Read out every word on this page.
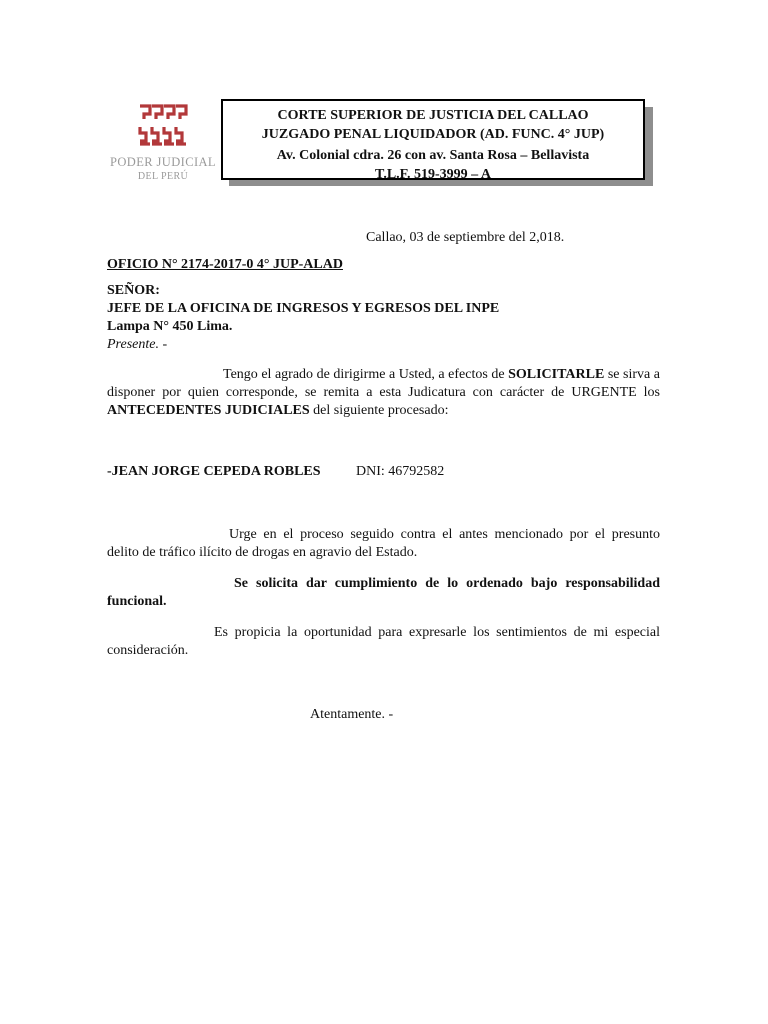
PODER JUDICIAL
DEL PERÚ
CORTE SUPERIOR DE JUSTICIA DEL CALLAO
JUZGADO PENAL LIQUIDADOR (AD. FUNC. 4° JUP)
Av. Colonial cdra. 26 con av. Santa Rosa – Bellavista
T.L.F. 519-3999 – A
Callao, 03 de septiembre del 2,018.
OFICIO N° 2174-2017-0 4° JUP-ALAD
SEÑOR:
JEFE DE LA OFICINA DE INGRESOS Y EGRESOS DEL INPE
Lampa N° 450 Lima.
Presente. -
Tengo el agrado de dirigirme a Usted, a efectos de SOLICITARLE se sirva a disponer por quien corresponde, se remita a esta Judicatura con carácter de URGENTE los ANTECEDENTES JUDICIALES del siguiente procesado:
-JEAN JORGE CEPEDA ROBLES	DNI: 46792582
Urge en el proceso seguido contra el antes mencionado por el presunto delito de tráfico ilícito de drogas en agravio del Estado.
Se solicita dar cumplimiento de lo ordenado bajo responsabilidad funcional.
Es propicia la oportunidad para expresarle los sentimientos de mi especial consideración.
Atentamente. -
